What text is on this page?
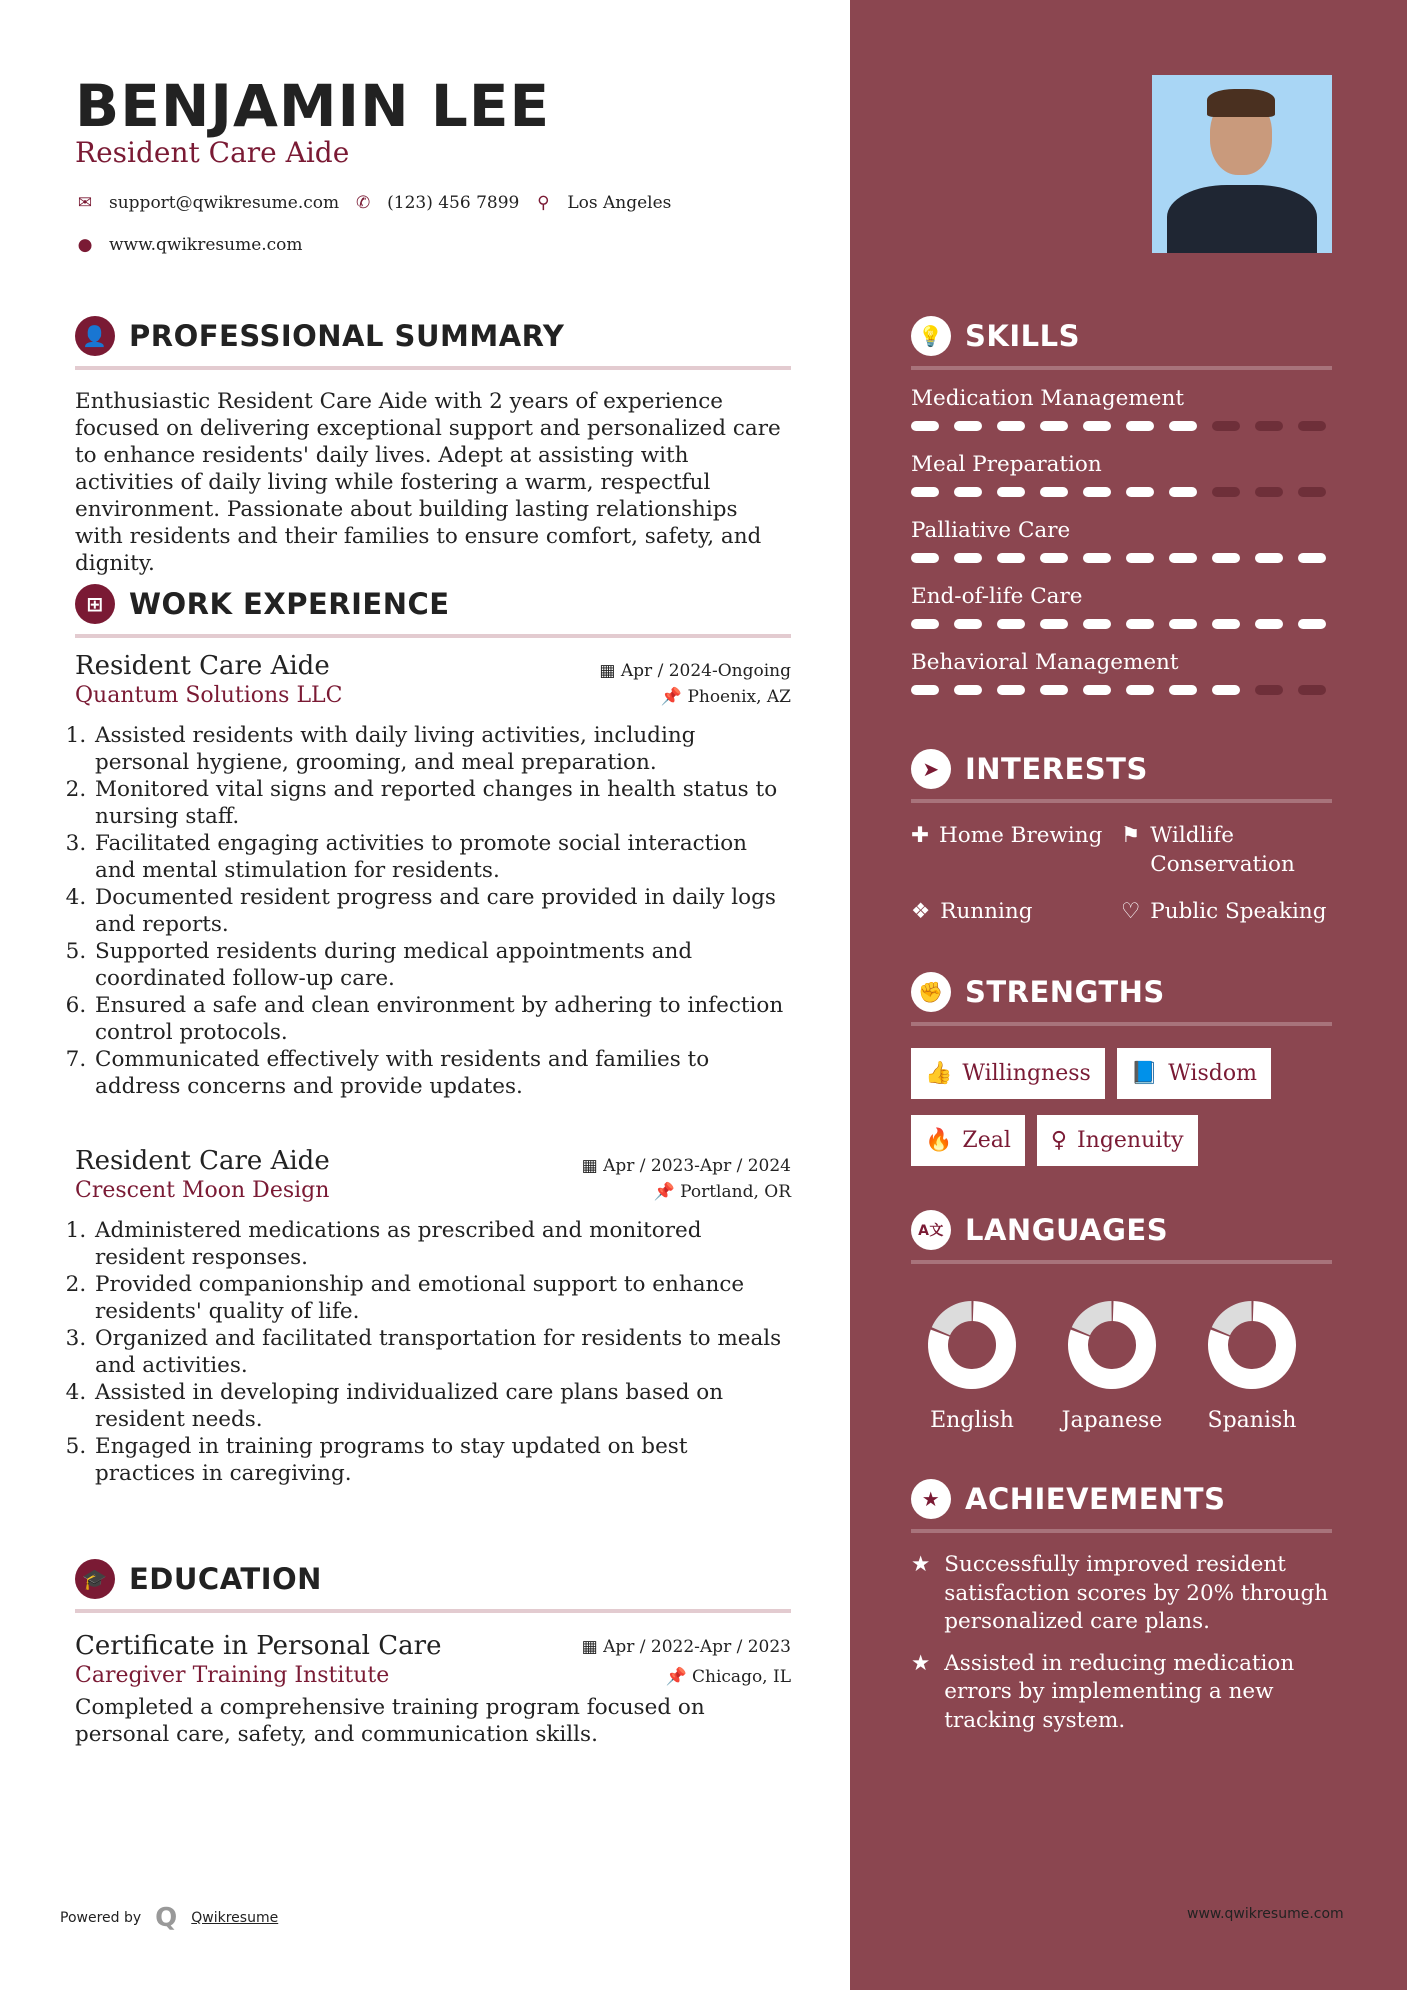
BENJAMIN LEE
Resident Care Aide
✉ support@qwikresume.com ✆ (123) 456 7899 ⚲ Los Angeles
● www.qwikresume.com
👤 PROFESSIONAL SUMMARY

Enthusiastic Resident Care Aide with 2 years of experience focused on delivering exceptional support and personalized care to enhance residents' daily lives. Adept at assisting with activities of daily living while fostering a warm, respectful environment. Passionate about building lasting relationships with residents and their families to ensure comfort, safety, and dignity.

⊞ WORK EXPERIENCE
Resident Care Aide	▦ Apr / 2024-Ongoing
Quantum Solutions LLC	📌 Phoenix, AZ
1. Assisted residents with daily living activities, including personal hygiene, grooming, and meal preparation.
2. Monitored vital signs and reported changes in health status to nursing staff.
3. Facilitated engaging activities to promote social interaction and mental stimulation for residents.
4. Documented resident progress and care provided in daily logs and reports.
5. Supported residents during medical appointments and coordinated follow-up care.
6. Ensured a safe and clean environment by adhering to infection control protocols.
7. Communicated effectively with residents and families to address concerns and provide updates.
Resident Care Aide	▦ Apr / 2023-Apr / 2024
Crescent Moon Design	📌 Portland, OR
1. Administered medications as prescribed and monitored resident responses.
2. Provided companionship and emotional support to enhance residents' quality of life.
3. Organized and facilitated transportation for residents to meals and activities.
4. Assisted in developing individualized care plans based on resident needs.
5. Engaged in training programs to stay updated on best practices in caregiving.
🎓 EDUCATION
Certificate in Personal Care	▦ Apr / 2022-Apr / 2023
Caregiver Training Institute	📌 Chicago, IL

Completed a comprehensive training program focused on personal care, safety, and communication skills.

Powered by Q Qwikresume
💡 SKILLS
Medication Management
Meal Preparation
Palliative Care
End-of-life Care
Behavioral Management
➤ INTERESTS
✚ Home Brewing ⚑ Wildlife Conservation
❖ Running	♡ Public Speaking
✊ STRENGTHS
👍 Willingness 📘 Wisdom
🔥 Zeal ♀ Ingenuity
A文 LANGUAGES
English	Japanese	Spanish
★ ACHIEVEMENTS
★ Successfully improved resident satisfaction scores by 20% through personalized care plans.
★ Assisted in reducing medication errors by implementing a new tracking system.
www.qwikresume.com
